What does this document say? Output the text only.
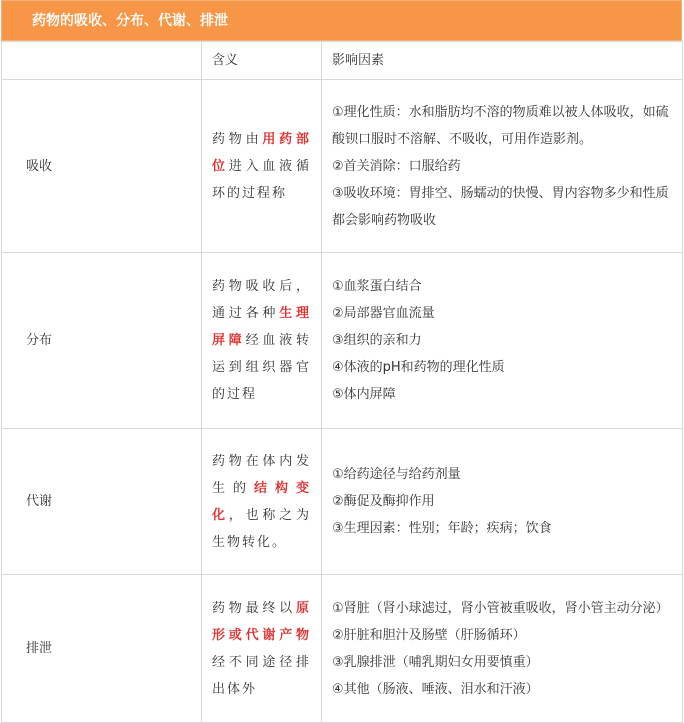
药物的吸收、分布、代谢、排泄
	含义	影响因素
吸收	药物由用药部位进入血液循环的过程称	①理化性质：水和脂肪均不溶的物质难以被人体吸收，如硫酸钡口服时不溶解、不吸收，可用作造影剂。
②首关消除：口服给药
③吸收环境：胃排空、肠蠕动的快慢、胃内容物多少和性质都会影响药物吸收

分布	药物吸收后，通过各种生理屏障经血液转运到组织器官的过程	①血浆蛋白结合
②局部器官血流量
③组织的亲和力
④体液的pH和药物的理化性质
⑤体内屏障

代谢	药物在体内发生的结构变化，也称之为生物转化。	①给药途径与给药剂量
②酶促及酶抑作用
③生理因素：性别；年龄；疾病；饮食

排泄	药物最终以原形或代谢产物经不同途径排出体外	①肾脏（肾小球滤过，肾小管被重吸收，肾小管主动分泌）
②肝脏和胆汁及肠壁（肝肠循环）
③乳腺排泄（哺乳期妇女用要慎重）
④其他（肠液、唾液、泪水和汗液）
